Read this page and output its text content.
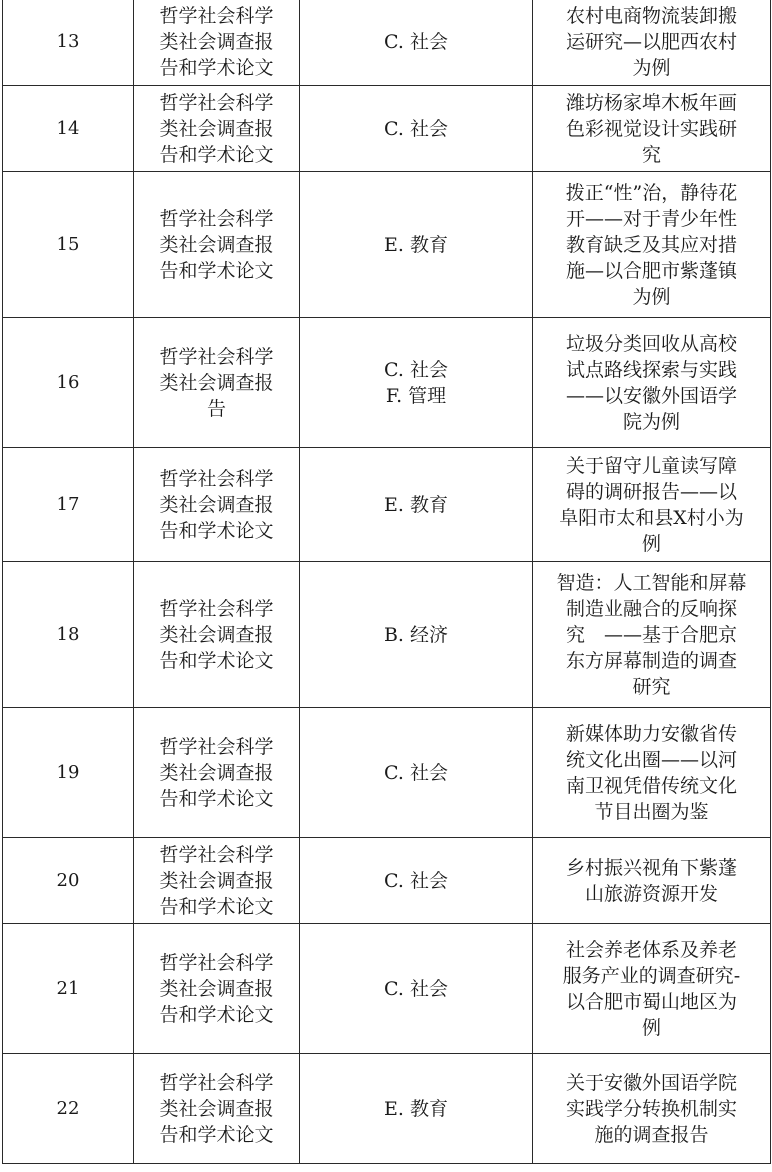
13	哲学社会科学
类社会调查报
告和学术论文	C. 社会	农村电商物流装卸搬
运研究—以肥西农村
为例

14	哲学社会科学
类社会调查报
告和学术论文	C. 社会	潍坊杨家埠木板年画
色彩视觉设计实践研
究

15	哲学社会科学
类社会调查报
告和学术论文	E. 教育	拨正“性”治，静待花
开——对于青少年性
教育缺乏及其应对措
施—以合肥市紫蓬镇
为例

16	哲学社会科学
类社会调查报
告	C. 社会
F. 管理	垃圾分类回收从高校
试点路线探索与实践
——以安徽外国语学
院为例

17	哲学社会科学
类社会调查报
告和学术论文	E. 教育	关于留守儿童读写障
碍的调研报告——以
阜阳市太和县X村小为
例

18	哲学社会科学
类社会调查报
告和学术论文	B. 经济	智造：人工智能和屏幕
制造业融合的反响探
究　——基于合肥京
东方屏幕制造的调查
研究

19	哲学社会科学
类社会调查报
告和学术论文	C. 社会	新媒体助力安徽省传
统文化出圈——以河
南卫视凭借传统文化
节目出圈为鉴

20	哲学社会科学
类社会调查报
告和学术论文	C. 社会	乡村振兴视角下紫蓬
山旅游资源开发

21	哲学社会科学
类社会调查报
告和学术论文	C. 社会	社会养老体系及养老
服务产业的调查研究-
以合肥市蜀山地区为
例

22	哲学社会科学
类社会调查报
告和学术论文	E. 教育	关于安徽外国语学院
实践学分转换机制实
施的调查报告
